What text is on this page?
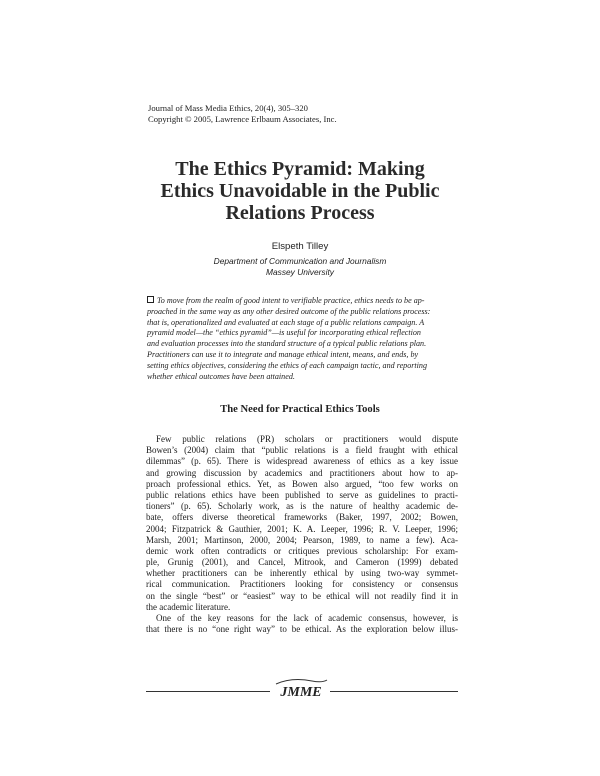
Journal of Mass Media Ethics, 20(4), 305–320
Copyright © 2005, Lawrence Erlbaum Associates, Inc.
The Ethics Pyramid: Making
Ethics Unavoidable in the Public
Relations Process
Elspeth Tilley
Department of Communication and Journalism
Massey University
To move from the realm of good intent to verifiable practice, ethics needs to be ap-
proached in the same way as any other desired outcome of the public relations process:
that is, operationalized and evaluated at each stage of a public relations campaign. A
pyramid model—the “ethics pyramid”—is useful for incorporating ethical reflection
and evaluation processes into the standard structure of a typical public relations plan.
Practitioners can use it to integrate and manage ethical intent, means, and ends, by
setting ethics objectives, considering the ethics of each campaign tactic, and reporting
whether ethical outcomes have been attained.
The Need for Practical Ethics Tools
Few public relations (PR) scholars or practitioners would dispute
Bowen’s (2004) claim that “public relations is a field fraught with ethical
dilemmas” (p. 65). There is widespread awareness of ethics as a key issue
and growing discussion by academics and practitioners about how to ap-
proach professional ethics. Yet, as Bowen also argued, “too few works on
public relations ethics have been published to serve as guidelines to practi-
tioners” (p. 65). Scholarly work, as is the nature of healthy academic de-
bate, offers diverse theoretical frameworks (Baker, 1997, 2002; Bowen,
2004; Fitzpatrick & Gauthier, 2001; K. A. Leeper, 1996; R. V. Leeper, 1996;
Marsh, 2001; Martinson, 2000, 2004; Pearson, 1989, to name a few). Aca-
demic work often contradicts or critiques previous scholarship: For exam-
ple, Grunig (2001), and Cancel, Mitrook, and Cameron (1999) debated
whether practitioners can be inherently ethical by using two-way symmet-
rical communication. Practitioners looking for consistency or consensus
on the single “best” or “easiest” way to be ethical will not readily find it in
the academic literature.
One of the key reasons for the lack of academic consensus, however, is
that there is no “one right way” to be ethical. As the exploration below illus-
JMME
